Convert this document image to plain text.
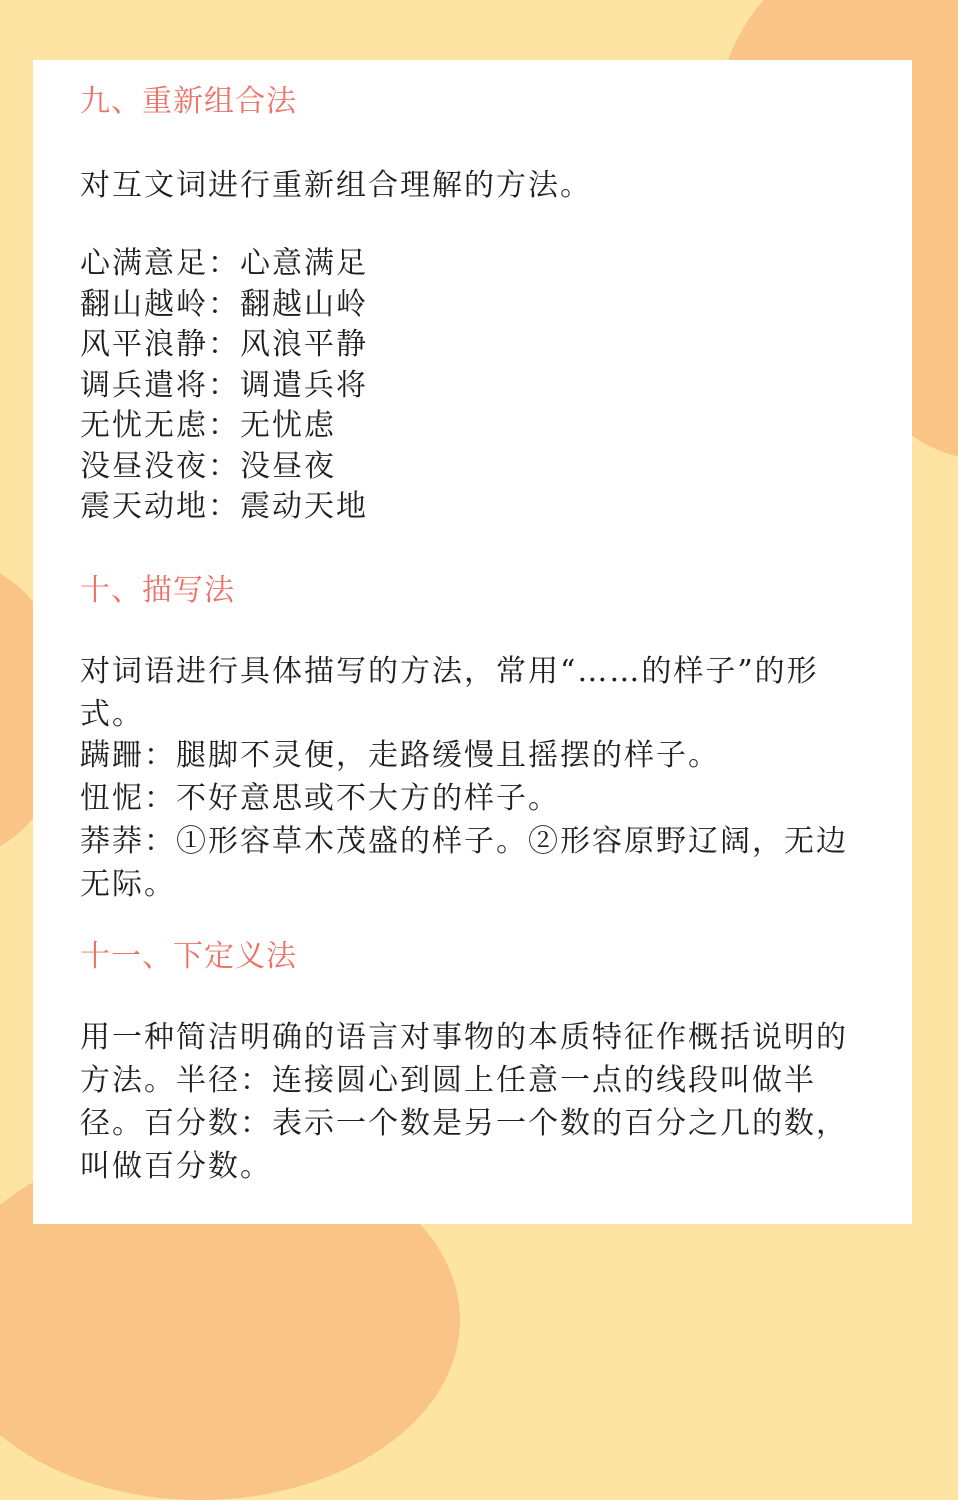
九、重新组合法
对互文词进行重新组合理解的方法。
心满意足：心意满足
翻山越岭：翻越山岭
风平浪静：风浪平静
调兵遣将：调遣兵将
无忧无虑：无忧虑
没昼没夜：没昼夜
震天动地：震动天地
十、描写法
对词语进行具体描写的方法，常用“……的样子”的形式。
蹒跚：腿脚不灵便，走路缓慢且摇摆的样子。
忸怩：不好意思或不大方的样子。
莽莽：①形容草木茂盛的样子。②形容原野辽阔，无边无际。
十一、下定义法
用一种简洁明确的语言对事物的本质特征作概括说明的方法。半径：连接圆心到圆上任意一点的线段叫做半径。百分数：表示一个数是另一个数的百分之几的数，叫做百分数。
